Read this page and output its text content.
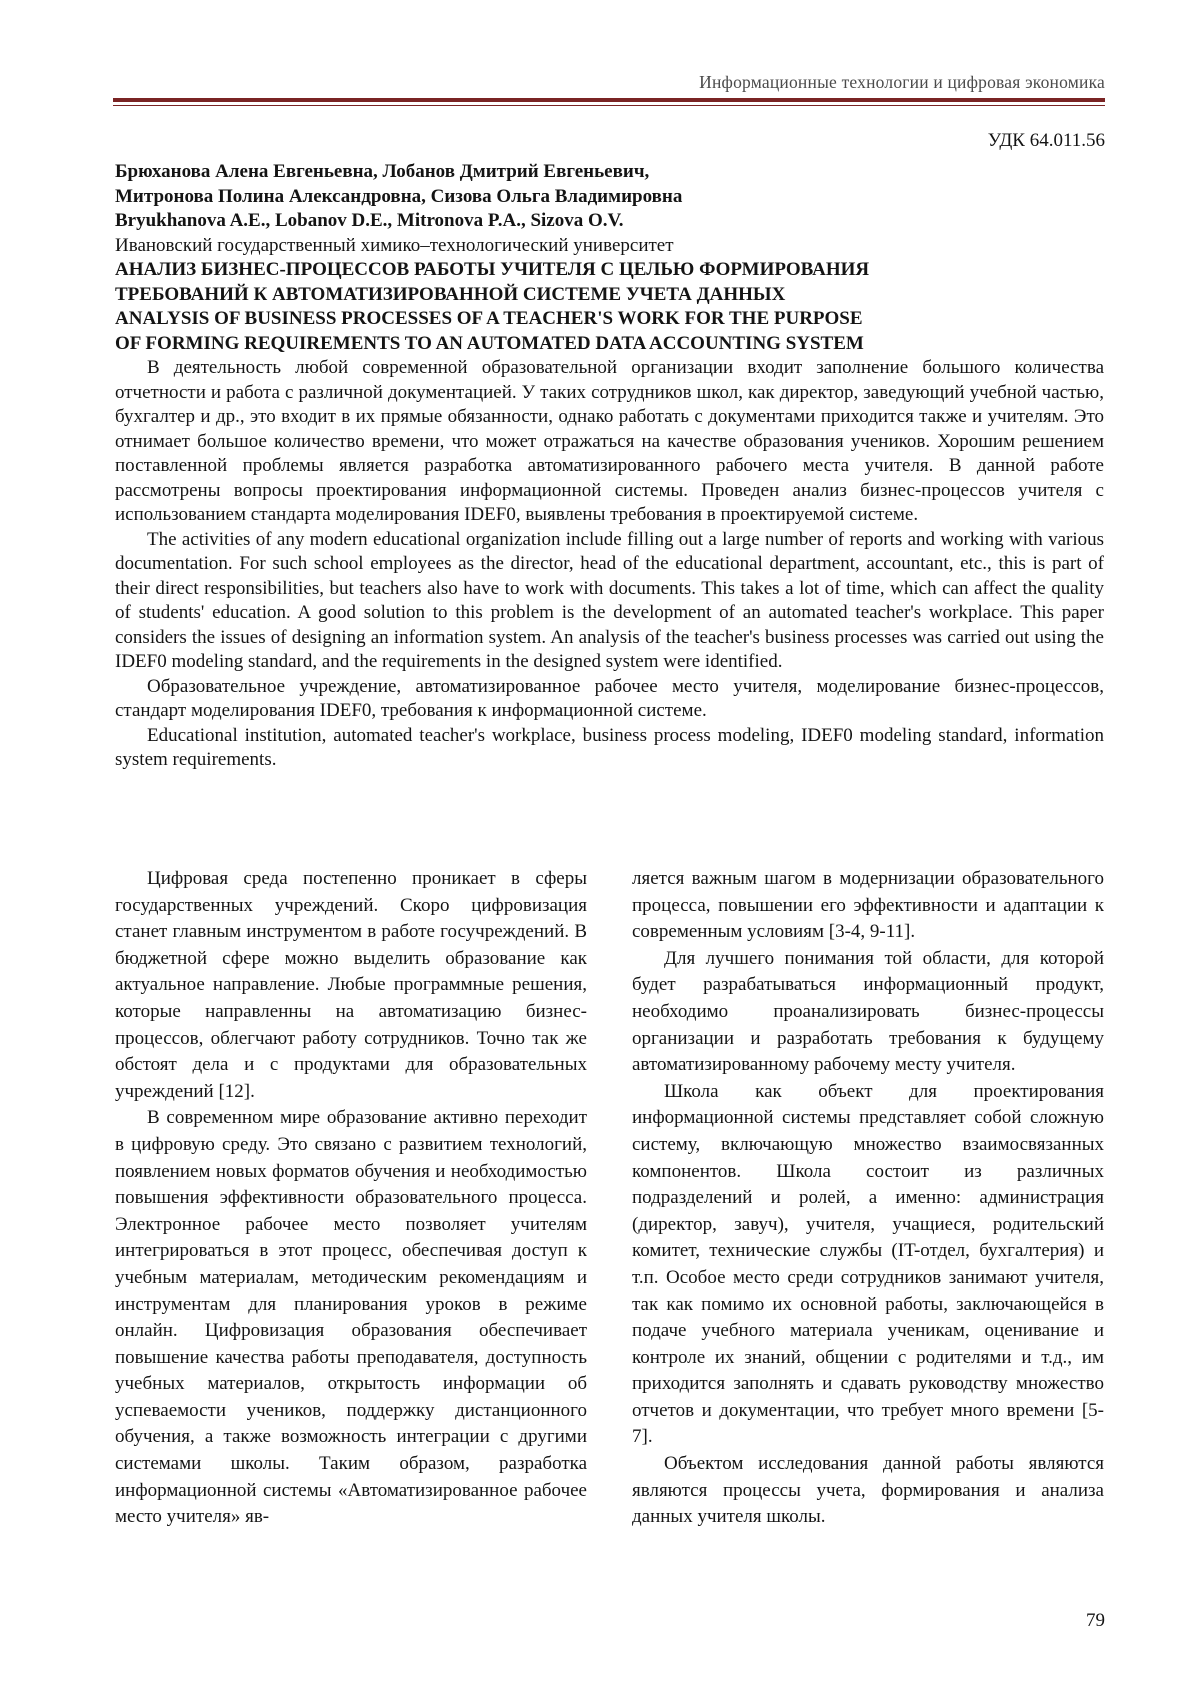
Информационные технологии и цифровая экономика
УДК 64.011.56
Брюханова Алена Евгеньевна, Лобанов Дмитрий Евгеньевич,
Митронова Полина Александровна, Сизова Ольга Владимировна
Bryukhanova A.E., Lobanov D.E., Mitronova P.A., Sizova O.V.
Ивановский государственный химико–технологический университет
АНАЛИЗ БИЗНЕС-ПРОЦЕССОВ РАБОТЫ УЧИТЕЛЯ С ЦЕЛЬЮ ФОРМИРОВАНИЯ
ТРЕБОВАНИЙ К АВТОМАТИЗИРОВАННОЙ СИСТЕМЕ УЧЕТА ДАННЫХ
ANALYSIS OF BUSINESS PROCESSES OF A TEACHER'S WORK FOR THE PURPOSE
OF FORMING REQUIREMENTS TO AN AUTOMATED DATA ACCOUNTING SYSTEM

В деятельность любой современной образовательной организации входит заполнение большого количества отчетности и работа с различной документацией. У таких сотрудников школ, как директор, заведующий учебной частью, бухгалтер и др., это входит в их прямые обязанности, однако работать с документами приходится также и учителям. Это отнимает большое количество времени, что может отражаться на качестве образования учеников. Хорошим решением поставленной проблемы является разработка автоматизированного рабочего места учителя. В данной работе рассмотрены вопросы проектирования информационной системы. Проведен анализ бизнес-процессов учителя с использованием стандарта моделирования IDEF0, выявлены требования в проектируемой системе.

The activities of any modern educational organization include filling out a large number of reports and working with various documentation. For such school employees as the director, head of the educational department, accountant, etc., this is part of their direct responsibilities, but teachers also have to work with documents. This takes a lot of time, which can affect the quality of students' education. A good solution to this problem is the development of an automated teacher's workplace. This paper considers the issues of designing an information system. An analysis of the teacher's business processes was carried out using the IDEF0 modeling standard, and the requirements in the designed system were identified.

Образовательное учреждение, автоматизированное рабочее место учителя, моделирование бизнес-процессов, стандарт моделирования IDEF0, требования к информационной системе.

Educational institution, automated teacher's workplace, business process modeling, IDEF0 modeling standard, information system requirements.

Цифровая среда постепенно проникает в сферы государственных учреждений. Скоро цифровизация станет главным инструментом в работе госучреждений. В бюджетной сфере можно выделить образование как актуальное направление. Любые программные решения, которые направленны на автоматизацию бизнес-процессов, облегчают работу сотрудников. Точно так же обстоят дела и с продуктами для образовательных учреждений [12].

В современном мире образование активно переходит в цифровую среду. Это связано с развитием технологий, появлением новых форматов обучения и необходимостью повышения эффективности образовательного процесса. Электронное рабочее место позволяет учителям интегрироваться в этот процесс, обеспечивая доступ к учебным материалам, методическим рекомендациям и инструментам для планирования уроков в режиме онлайн. Цифровизация образования обеспечивает повышение качества работы преподавателя, доступность учебных материалов, открытость информации об успеваемости учеников, поддержку дистанционного обучения, а также возможность интеграции с другими системами школы. Таким образом, разработка информационной системы «Автоматизированное рабочее место учителя» яв-

ляется важным шагом в модернизации образовательного процесса, повышении его эффективности и адаптации к современным условиям [3-4, 9-11].

Для лучшего понимания той области, для которой будет разрабатываться информационный продукт, необходимо проанализировать бизнес-процессы организации и разработать требования к будущему автоматизированному рабочему месту учителя.

Школа как объект для проектирования информационной системы представляет собой сложную систему, включающую множество взаимосвязанных компонентов. Школа состоит из различных подразделений и ролей, а именно: администрация (директор, завуч), учителя, учащиеся, родительский комитет, технические службы (IT-отдел, бухгалтерия) и т.п. Особое место среди сотрудников занимают учителя, так как помимо их основной работы, заключающейся в подаче учебного материала ученикам, оценивание и контроле их знаний, общении с родителями и т.д., им приходится заполнять и сдавать руководству множество отчетов и документации, что требует много времени [5-7].

Объектом исследования данной работы являются являются процессы учета, формирования и анализа данных учителя школы.

79
